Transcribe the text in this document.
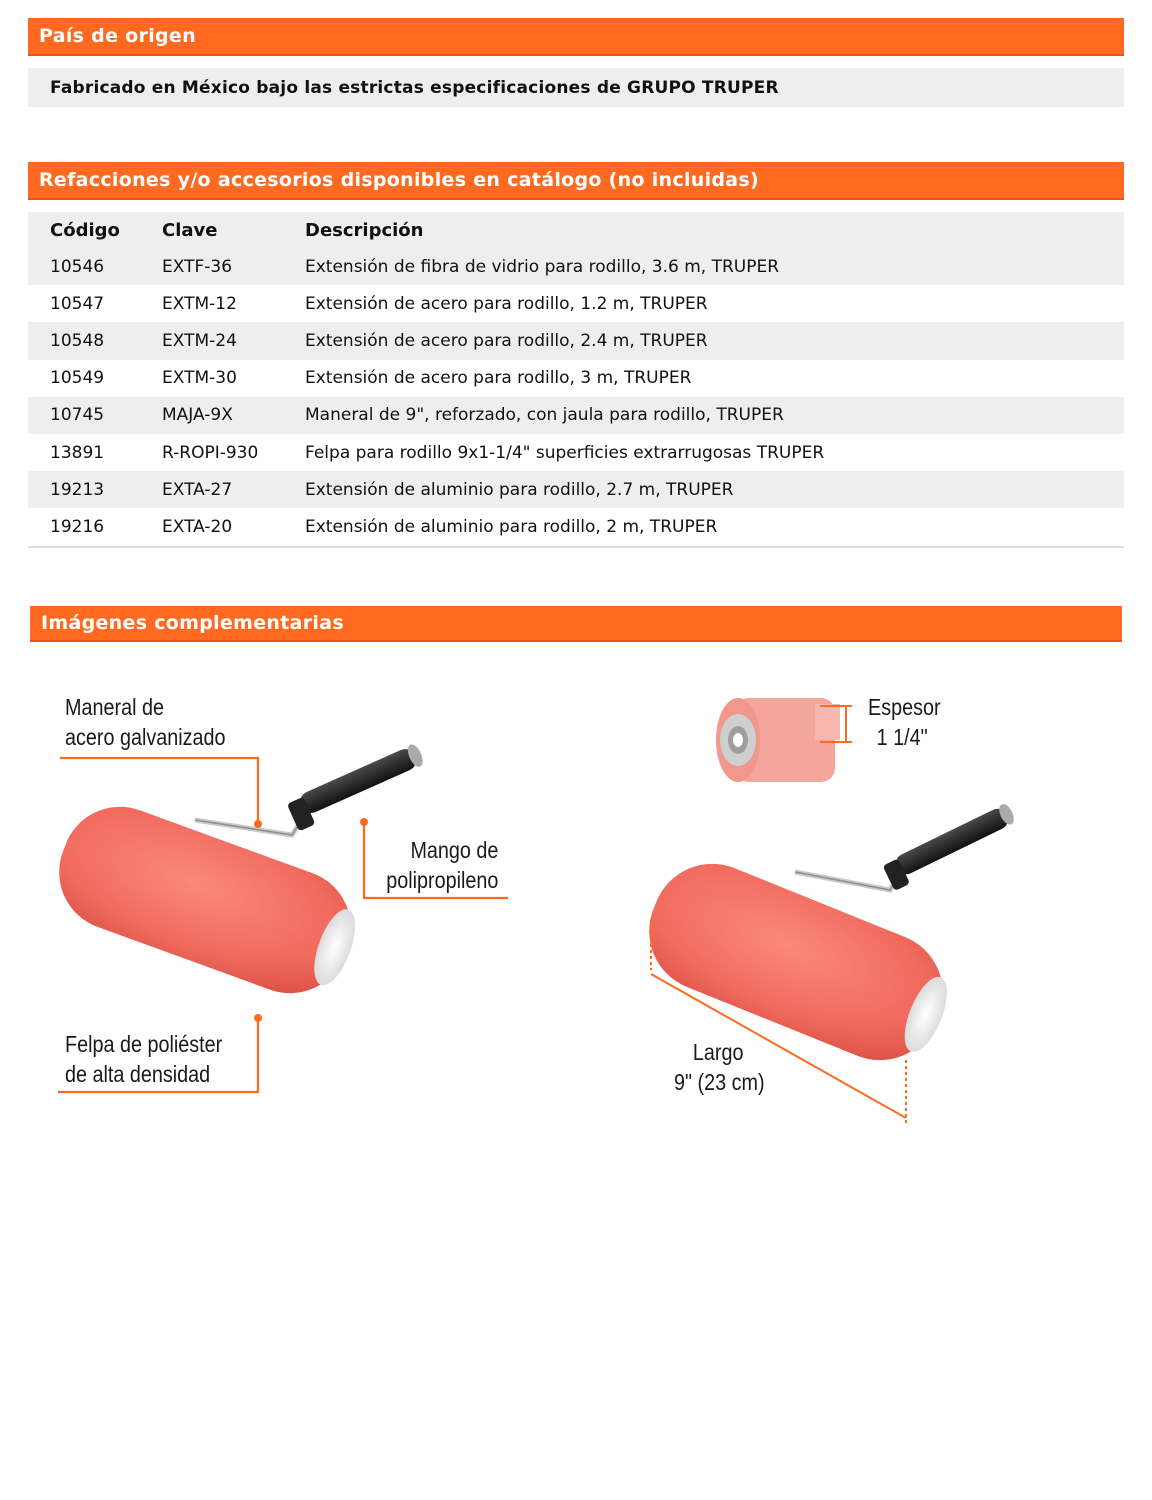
País de origen
Fabricado en México bajo las estrictas especificaciones de GRUPO TRUPER
Refacciones y/o accesorios disponibles en catálogo (no incluidas)
Código	Clave	Descripción
10546	EXTF-36	Extensión de fibra de vidrio para rodillo, 3.6 m, TRUPER
10547	EXTM-12	Extensión de acero para rodillo, 1.2 m, TRUPER
10548	EXTM-24	Extensión de acero para rodillo, 2.4 m, TRUPER
10549	EXTM-30	Extensión de acero para rodillo, 3 m, TRUPER
10745	MAJA-9X	Maneral de 9", reforzado, con jaula para rodillo, TRUPER
13891	R-ROPI-930	Felpa para rodillo 9x1-1/4" superficies extrarrugosas TRUPER
19213	EXTA-27	Extensión de aluminio para rodillo, 2.7 m, TRUPER
19216	EXTA-20	Extensión de aluminio para rodillo, 2 m, TRUPER
Imágenes complementarias
Maneral de
acero galvanizado
Mango de
polipropileno
Felpa de poliéster
de alta densidad
Espesor
1 1/4"
Largo
9" (23 cm)
